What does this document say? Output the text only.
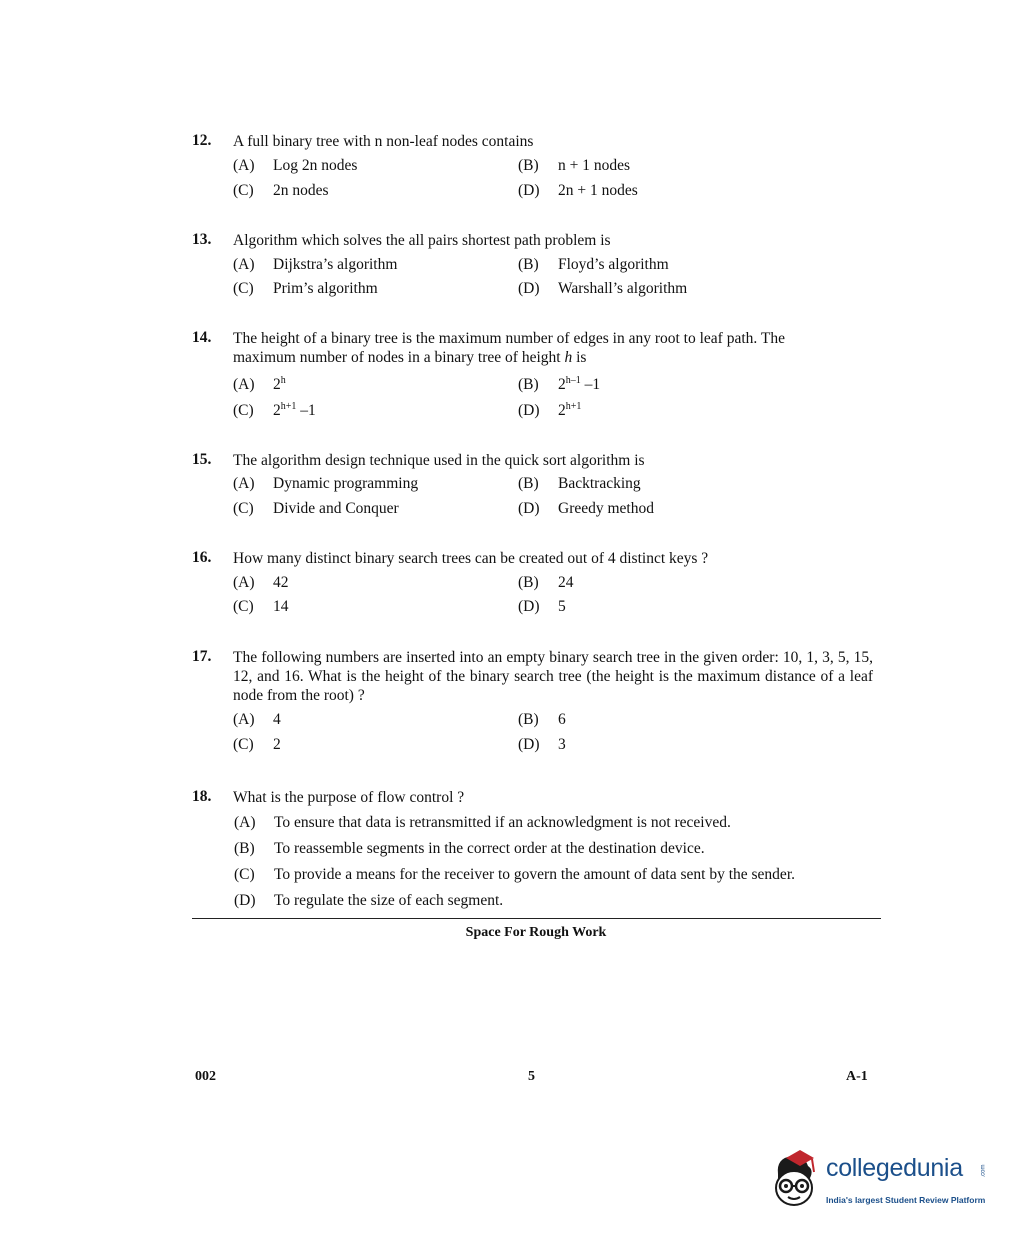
12. A full binary tree with n non-leaf nodes contains
(A) Log 2n nodes	(B) n + 1 nodes
(C) 2n nodes	(D) 2n + 1 nodes
13. Algorithm which solves the all pairs shortest path problem is
(A) Dijkstra’s algorithm	(B) Floyd’s algorithm
(C) Prim’s algorithm	(D) Warshall’s algorithm
14. The height of a binary tree is the maximum number of edges in any root to leaf path. The
maximum number of nodes in a binary tree of height h is
(A) 2$^h$	(B) 2$^{h-1}$ –1
(C) $2^{h+1}$ –1	(D) $2^{h+1}$
15. The algorithm design technique used in the quick sort algorithm is
(A) Dynamic programming	(B) Backtracking
(C) Divide and Conquer	(D) Greedy method
16. How many distinct binary search trees can be created out of 4 distinct keys ?
(A) 42	(B) 24
(C) 14	(D) 5
17. The following numbers are inserted into an empty binary search tree in the given order: 10, 1, 3, 5, 15, 12, and 16. What is the height of the binary search tree (the height is the maximum distance of a leaf node from the root) ?
(A) 4	(B) 6
(C) 2	(D) 3
18. What is the purpose of flow control ?
(A) To ensure that data is retransmitted if an acknowledgment is not received.
(B) To reassemble segments in the correct order at the destination device.
(C) To provide a means for the receiver to govern the amount of data sent by the sender.
(D) To regulate the size of each segment.
Space For Rough Work
002	5	A-1
collegedunia	.com
India's largest Student Review Platform
